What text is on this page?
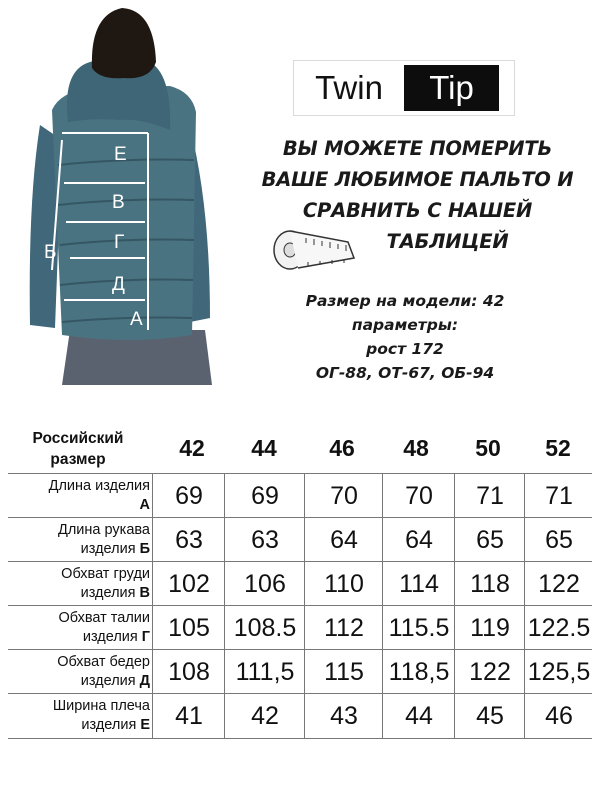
Е
В
Г
Д
А
Б
Twin	Tip
ВЫ МОЖЕТЕ ПОМЕРИТЬ
ВАШЕ ЛЮБИМОЕ ПАЛЬТО И
СРАВНИТЬ С НАШЕЙ
ТАБЛИЦЕЙ
Размер на модели: 42
параметры:
рост 172
ОГ-88, ОТ-67, ОБ-94
Российский
размер	42	44	46	48	50	52
Длина изделия
А	69	69	70	70	71	71
Длина рукава
изделия Б	63	63	64	64	65	65
Обхват груди
изделия В 102	106	110	114	118	122
Обхват талии
изделия Г 105 108.5	112 115.5 119 122.5
Обхват бедер
изделия Д 108	111,5	115 118,5 122 125,5
Ширина плеча
изделия Е	41	42	43	44	45	46
